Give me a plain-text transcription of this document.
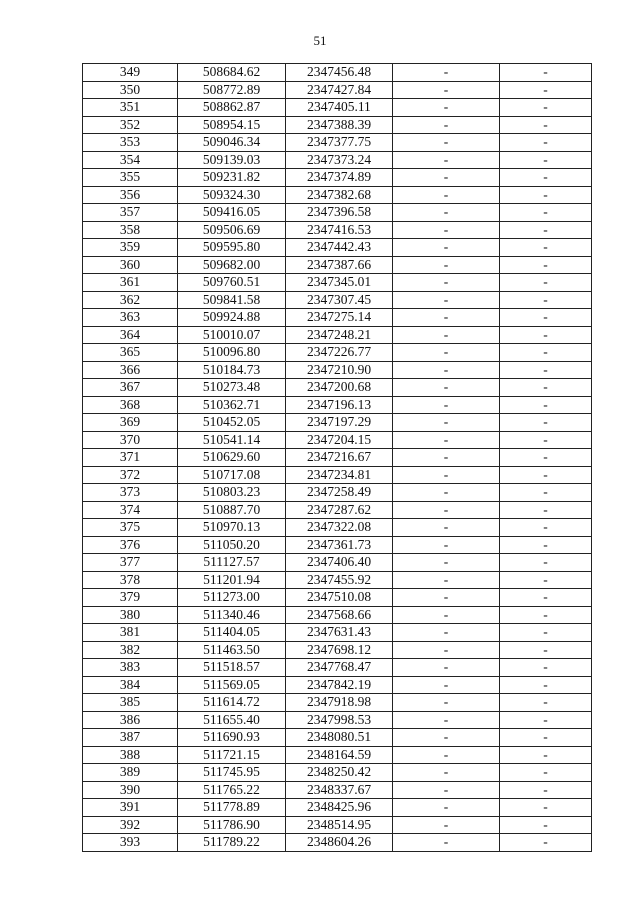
51
349	508684.62	2347456.48	-	-
350	508772.89	2347427.84	-	-
351	508862.87	2347405.11	-	-
352	508954.15	2347388.39	-	-
353	509046.34	2347377.75	-	-
354	509139.03	2347373.24	-	-
355	509231.82	2347374.89	-	-
356	509324.30	2347382.68	-	-
357	509416.05	2347396.58	-	-
358	509506.69	2347416.53	-	-
359	509595.80	2347442.43	-	-
360	509682.00	2347387.66	-	-
361	509760.51	2347345.01	-	-
362	509841.58	2347307.45	-	-
363	509924.88	2347275.14	-	-
364	510010.07	2347248.21	-	-
365	510096.80	2347226.77	-	-
366	510184.73	2347210.90	-	-
367	510273.48	2347200.68	-	-
368	510362.71	2347196.13	-	-
369	510452.05	2347197.29	-	-
370	510541.14	2347204.15	-	-
371	510629.60	2347216.67	-	-
372	510717.08	2347234.81	-	-
373	510803.23	2347258.49	-	-
374	510887.70	2347287.62	-	-
375	510970.13	2347322.08	-	-
376	511050.20	2347361.73	-	-
377	511127.57	2347406.40	-	-
378	511201.94	2347455.92	-	-
379	511273.00	2347510.08	-	-
380	511340.46	2347568.66	-	-
381	511404.05	2347631.43	-	-
382	511463.50	2347698.12	-	-
383	511518.57	2347768.47	-	-
384	511569.05	2347842.19	-	-
385	511614.72	2347918.98	-	-
386	511655.40	2347998.53	-	-
387	511690.93	2348080.51	-	-
388	511721.15	2348164.59	-	-
389	511745.95	2348250.42	-	-
390	511765.22	2348337.67	-	-
391	511778.89	2348425.96	-	-
392	511786.90	2348514.95	-	-
393	511789.22	2348604.26	-	-
